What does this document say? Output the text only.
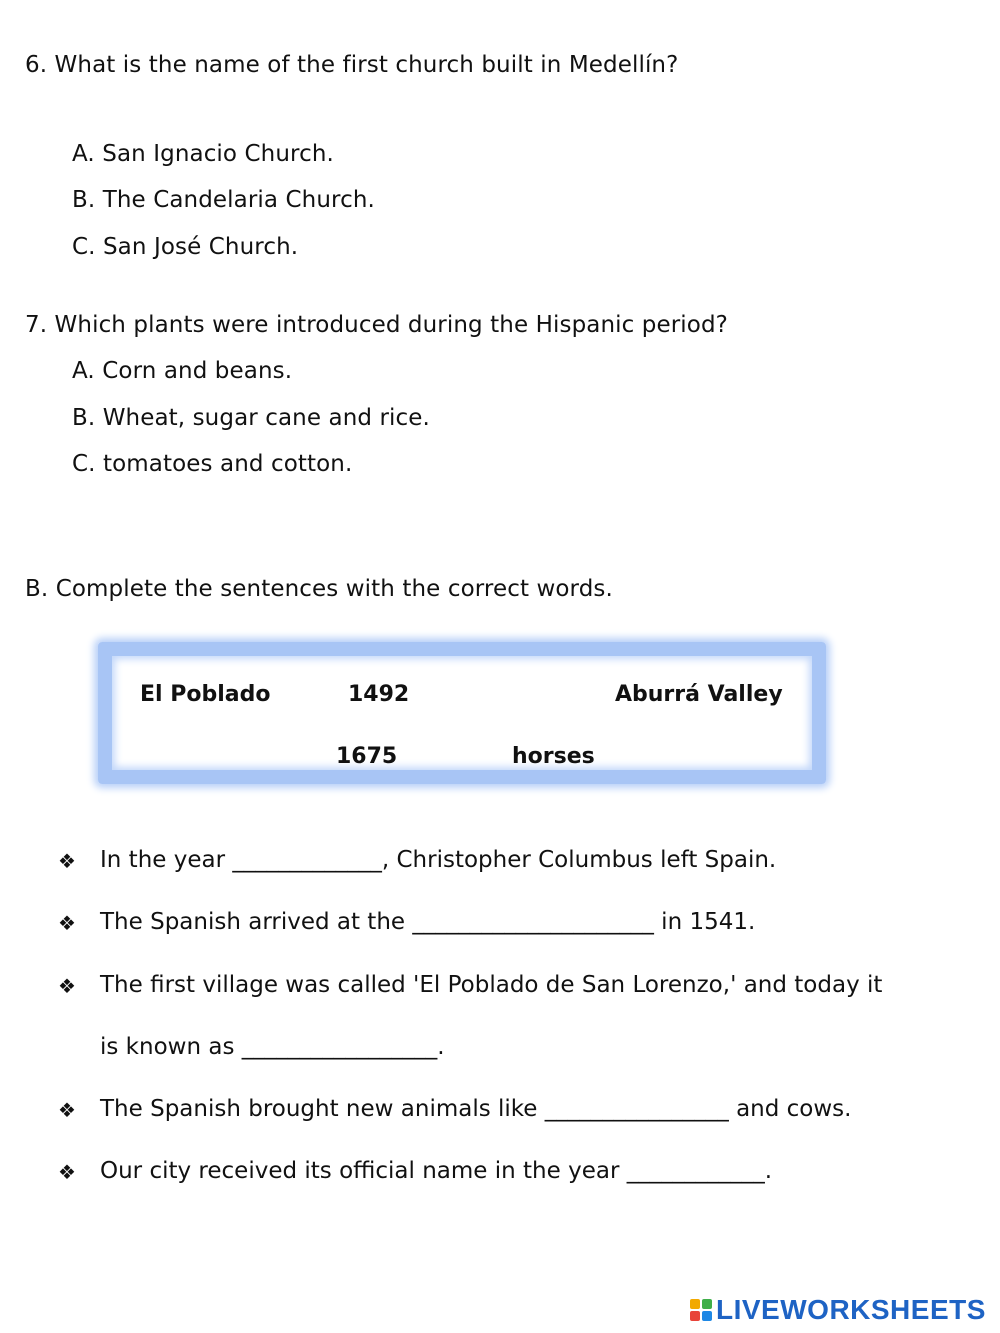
6. What is the name of the first church built in Medellín?
A. San Ignacio Church.
B. The Candelaria Church.
C. San José Church.
7. Which plants were introduced during the Hispanic period?
A. Corn and beans.
B. Wheat, sugar cane and rice.
C. tomatoes and cotton.
B. Complete the sentences with the correct words.
El Poblado	1492	Aburrá Valley
1675	horses
❖ In the year _____________, Christopher Columbus left Spain.
❖ The Spanish arrived at the _____________________ in 1541.
❖ The first village was called 'El Poblado de San Lorenzo,' and today it
is known as _________________.
❖ The Spanish brought new animals like ________________ and cows.
❖ Our city received its official name in the year ____________.
LIVEWORKSHEETS
